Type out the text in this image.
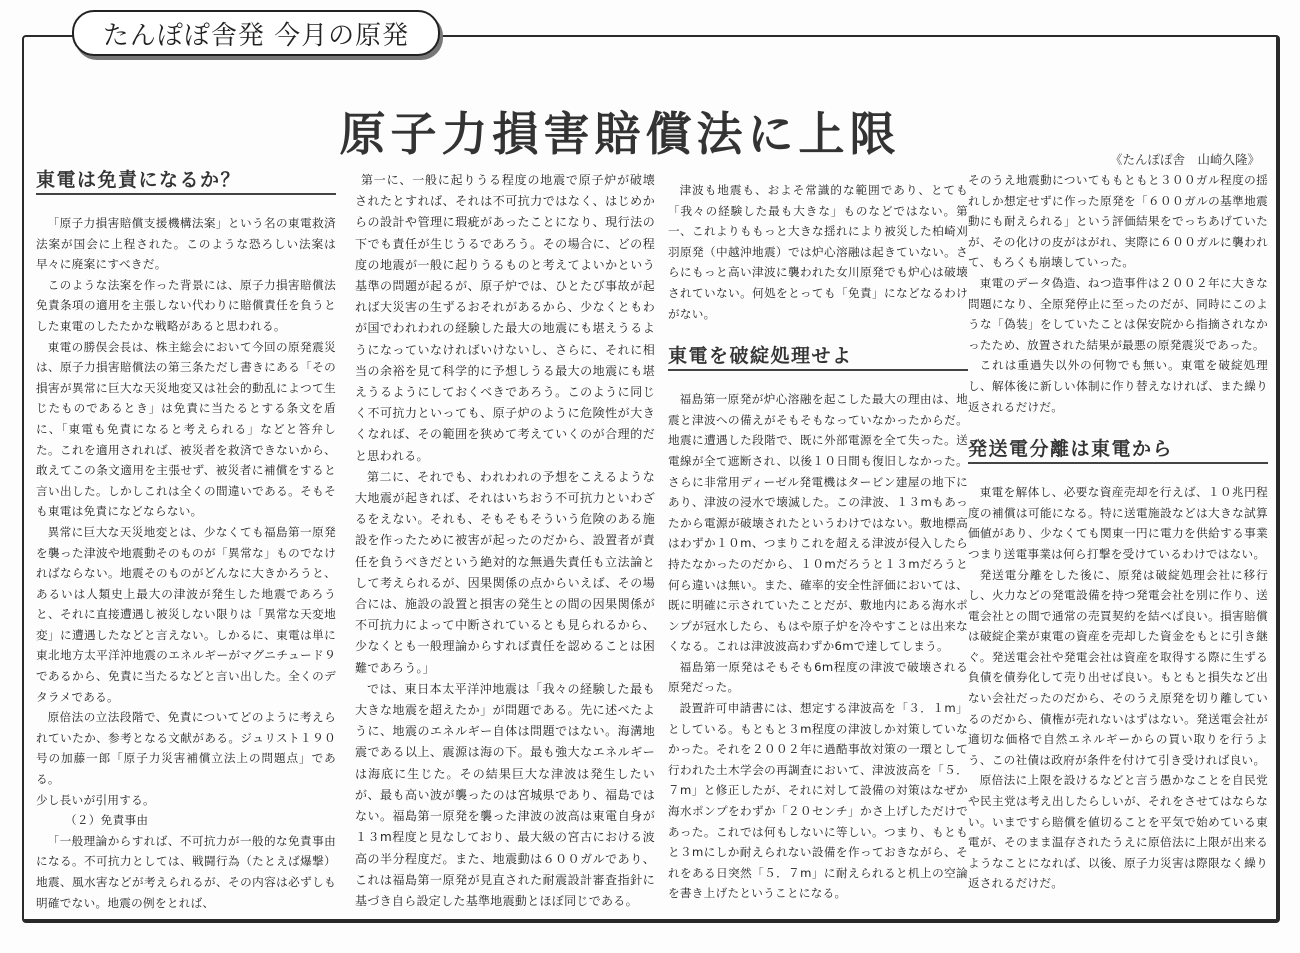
たんぽぽ舎発 今月の原発
原子力損害賠償法に上限
東電は免責になるか？

「原子力損害賠償支援機構法案」という名の東電救済法案が国会に上程された。このような恐ろしい法案は早々に廃案にすべきだ。

このような法案を作った背景には、原子力損害賠償法免責条項の適用を主張しない代わりに賠償責任を負うとした東電のしたたかな戦略があると思われる。

東電の勝俣会長は、株主総会において今回の原発震災は、原子力損害賠償法の第三条ただし書きにある「その損害が異常に巨大な天災地変又は社会的動乱によつて生じたものであるとき」は免責に当たるとする条文を盾に、「東電も免責になると考えられる」などと答弁した。これを適用されれば、被災者を救済できないから、敢えてこの条文適用を主張せず、被災者に補償をすると言い出した。しかしこれは全くの間違いである。そもそも東電は免責になどならない。

異常に巨大な天災地変とは、少なくても福島第一原発を襲った津波や地震動そのものが「異常な」ものでなければならない。地震そのものがどんなに大きかろうと、あるいは人類史上最大の津波が発生した地震であろうと、それに直接遭遇し被災しない限りは「異常な天変地変」に遭遇したなどと言えない。しかるに、東電は単に東北地方太平洋沖地震のエネルギーがマグニチュード９であるから、免責に当たるなどと言い出した。全くのデタラメである。

原倍法の立法段階で、免責についてどのように考えられていたか、参考となる文献がある。ジュリスト１９０号の加藤一郎「原子力災害補償立法上の問題点」である。

少し長いが引用する。

（２）免責事由

「一般理論からすれば、不可抗力が一般的な免責事由になる。不可抗力としては、戦闘行為（たとえば爆撃）地震、風水害などが考えられるが、その内容は必ずしも明確でない。地震の例をとれば、

第一に、一般に起りうる程度の地震で原子炉が破壊されたとすれば、それは不可抗力ではなく、はじめからの設計や管理に瑕疵があったことになり、現行法の下でも責任が生じうるであろう。その場合に、どの程度の地震が一般に起りうるものと考えてよいかという基準の問題が起るが、原子炉では、ひとたび事故が起れば大災害の生ずるおそれがあるから、少なくともわが国でわれわれの経験した最大の地震にも堪えうるようになっていなければいけないし、さらに、それに相当の余裕を見て科学的に予想しうる最大の地震にも堪えうるようにしておくべきであろう。このように同じく不可抗力といっても、原子炉のように危険性が大きくなれば、その範囲を狭めて考えていくのが合理的だと思われる。

第二に、それでも、われわれの予想をこえるような大地震が起きれば、それはいちおう不可抗力といわざるをえない。それも、そもそもそういう危険のある施設を作ったために被害が起ったのだから、設置者が責任を負うべきだという絶対的な無過失責任も立法論として考えられるが、因果関係の点からいえば、その場合には、施設の設置と損害の発生との間の因果関係が不可抗力によって中断されているとも見られるから、少なくとも一般理論からすれば責任を認めることは困難であろう。」

では、東日本太平洋沖地震は「我々の経験した最も大きな地震を超えたか」が問題である。先に述べたように、地震のエネルギー自体は問題ではない。海溝地震である以上、震源は海の下。最も強大なエネルギーは海底に生じた。その結果巨大な津波は発生したいが、最も高い波が襲ったのは宮城県であり、福島ではない。福島第一原発を襲った津波の波高は東電自身が１３m程度と見なしており、最大級の宮古における波高の半分程度だ。また、地震動は６００ガルであり、これは福島第一原発が見直された耐震設計審査指針に基づき自ら設定した基準地震動とほぼ同じである。

津波も地震も、およそ常識的な範囲であり、とても「我々の経験した最も大きな」ものなどではない。第一、これよりももっと大きな揺れにより被災した柏崎刈羽原発（中越沖地震）では炉心溶融は起きていない。さらにもっと高い津波に襲われた女川原発でも炉心は破壊されていない。何処をとっても「免責」になどなるわけがない。

東電を破綻処理せよ

福島第一原発が炉心溶融を起こした最大の理由は、地震と津波への備えがそもそもなっていなかったからだ。地震に遭遇した段階で、既に外部電源を全て失った。送電線が全て遮断され、以後１０日間も復旧しなかった。さらに非常用ディーゼル発電機はタービン建屋の地下にあり、津波の浸水で壊滅した。この津波、１３mもあったから電源が破壊されたというわけではない。敷地標高はわずか１０m、つまりこれを超える津波が侵入したら持たなかったのだから、１０mだろうと１３mだろうと何ら違いは無い。また、確率的安全性評価においては、既に明確に示されていたことだが、敷地内にある海水ポンプが冠水したら、もはや原子炉を冷やすことは出来なくなる。これは津波波高わずか6mで達してしまう。

福島第一原発はそもそも6m程度の津波で破壊される原発だった。

設置許可申請書には、想定する津波高を「３．１m」としている。もともと３m程度の津波しか対策していなかった。それを２００２年に過酷事故対策の一環として行われた土木学会の再調査において、津波波高を「５．７m」と修正したが、それに対して設備の対策はなぜか海水ポンプをわずか「２０センチ」かさ上げしただけであった。これでは何もしないに等しい。つまり、もともと３mにしか耐えられない設備を作っておきながら、それをある日突然「５．７m」に耐えられると机上の空論を書き上げたということになる。

《たんぽぽ舎　山崎久隆》

そのうえ地震動についてももともと３００ガル程度の揺れしか想定せずに作った原発を「６００ガルの基準地震動にも耐えられる」という評価結果をでっちあげていたが、その化けの皮がはがれ、実際に６００ガルに襲われて、もろくも崩壊していった。

東電のデータ偽造、ねつ造事件は２００２年に大きな問題になり、全原発停止に至ったのだが、同時にこのような「偽装」をしていたことは保安院から指摘されなかったため、放置された結果が最悪の原発震災であった。

これは重過失以外の何物でも無い。東電を破綻処理し、解体後に新しい体制に作り替えなければ、また繰り返されるだけだ。

発送電分離は東電から

東電を解体し、必要な資産売却を行えば、１０兆円程度の補償は可能になる。特に送電施設などは大きな試算価値があり、少なくても関東一円に電力を供給する事業つまり送電事業は何ら打撃を受けているわけではない。

発送電分離をした後に、原発は破綻処理会社に移行し、火力などの発電設備を持つ発電会社を別に作り、送電会社との間で通常の売買契約を結べば良い。損害賠償は破綻企業が東電の資産を売却した資金をもとに引き継ぐ。発送電会社や発電会社は資産を取得する際に生ずる負債を債券化して売り出せば良い。もともと損失など出ない会社だったのだから、そのうえ原発を切り離しているのだから、債権が売れないはずはない。発送電会社が適切な価格で自然エネルギーからの買い取りを行うよう、この社債は政府が条件を付けて引き受ければ良い。

原倍法に上限を設けるなどと言う愚かなことを自民党や民主党は考え出したらしいが、それをさせてはならない。いまですら賠償を値切ることを平気で始めている東電が、そのまま温存されたうえに原倍法に上限が出来るようなことになれば、以後、原子力災害は際限なく繰り返されるだけだ。
